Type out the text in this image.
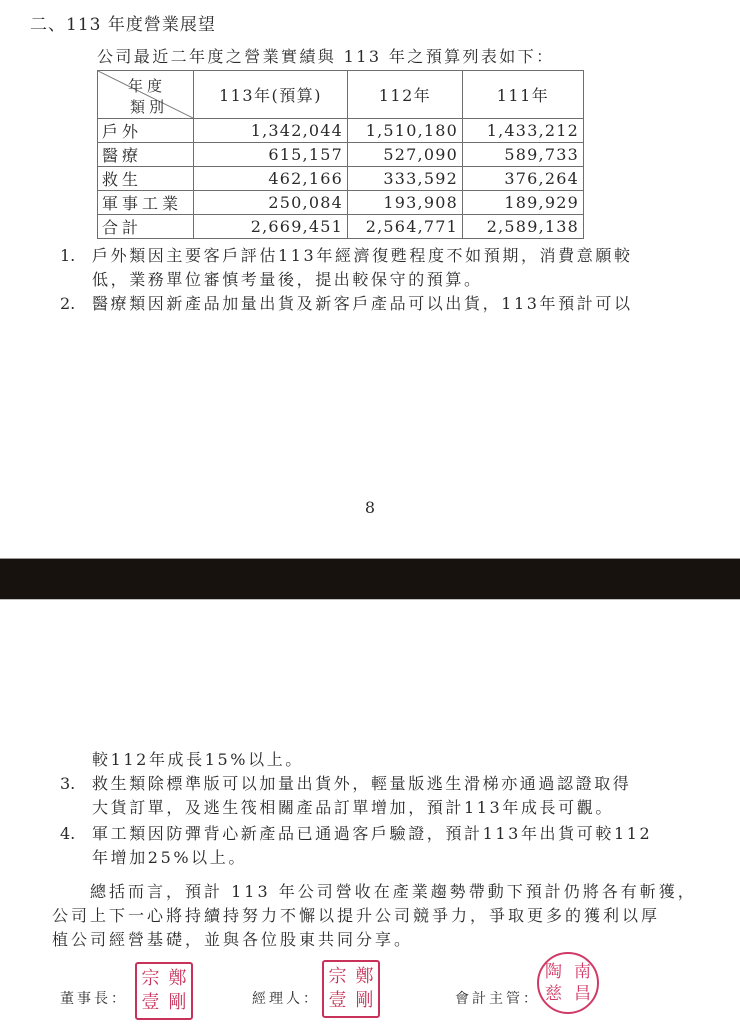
二、113 年度營業展望
公司最近二年度之營業實績與 113 年之預算列表如下：
年度
類別	113年(預算)	112年	111年
戶外	1,342,044	1,510,180	1,433,212
醫療	615,157	527,090	589,733
救生	462,166	333,592	376,264
軍事工業	250,084	193,908	189,929
合計	2,669,451	2,564,771	2,589,138
1. 戶外類因主要客戶評估113年經濟復甦程度不如預期，消費意願較
低，業務單位審慎考量後，提出較保守的預算。
2. 醫療類因新產品加量出貨及新客戶產品可以出貨，113年預計可以
8
較112年成長15%以上。
3. 救生類除標準版可以加量出貨外，輕量版逃生滑梯亦通過認證取得
大貨訂單，及逃生筏相關產品訂單增加，預計113年成長可觀。
4. 軍工類因防彈背心新產品已通過客戶驗證，預計113年出貨可較112
年增加25%以上。
　　總括而言，預計 113 年公司營收在產業趨勢帶動下預計仍將各有斬獲，
公司上下一心將持續持努力不懈以提升公司競爭力，爭取更多的獲利以厚
植公司經營基礎，並與各位股東共同分享。
董事長：
宗 鄭
壹 剛	經理人：
宗 鄭
壹 剛	會計主管：
陶 南
慈 昌
